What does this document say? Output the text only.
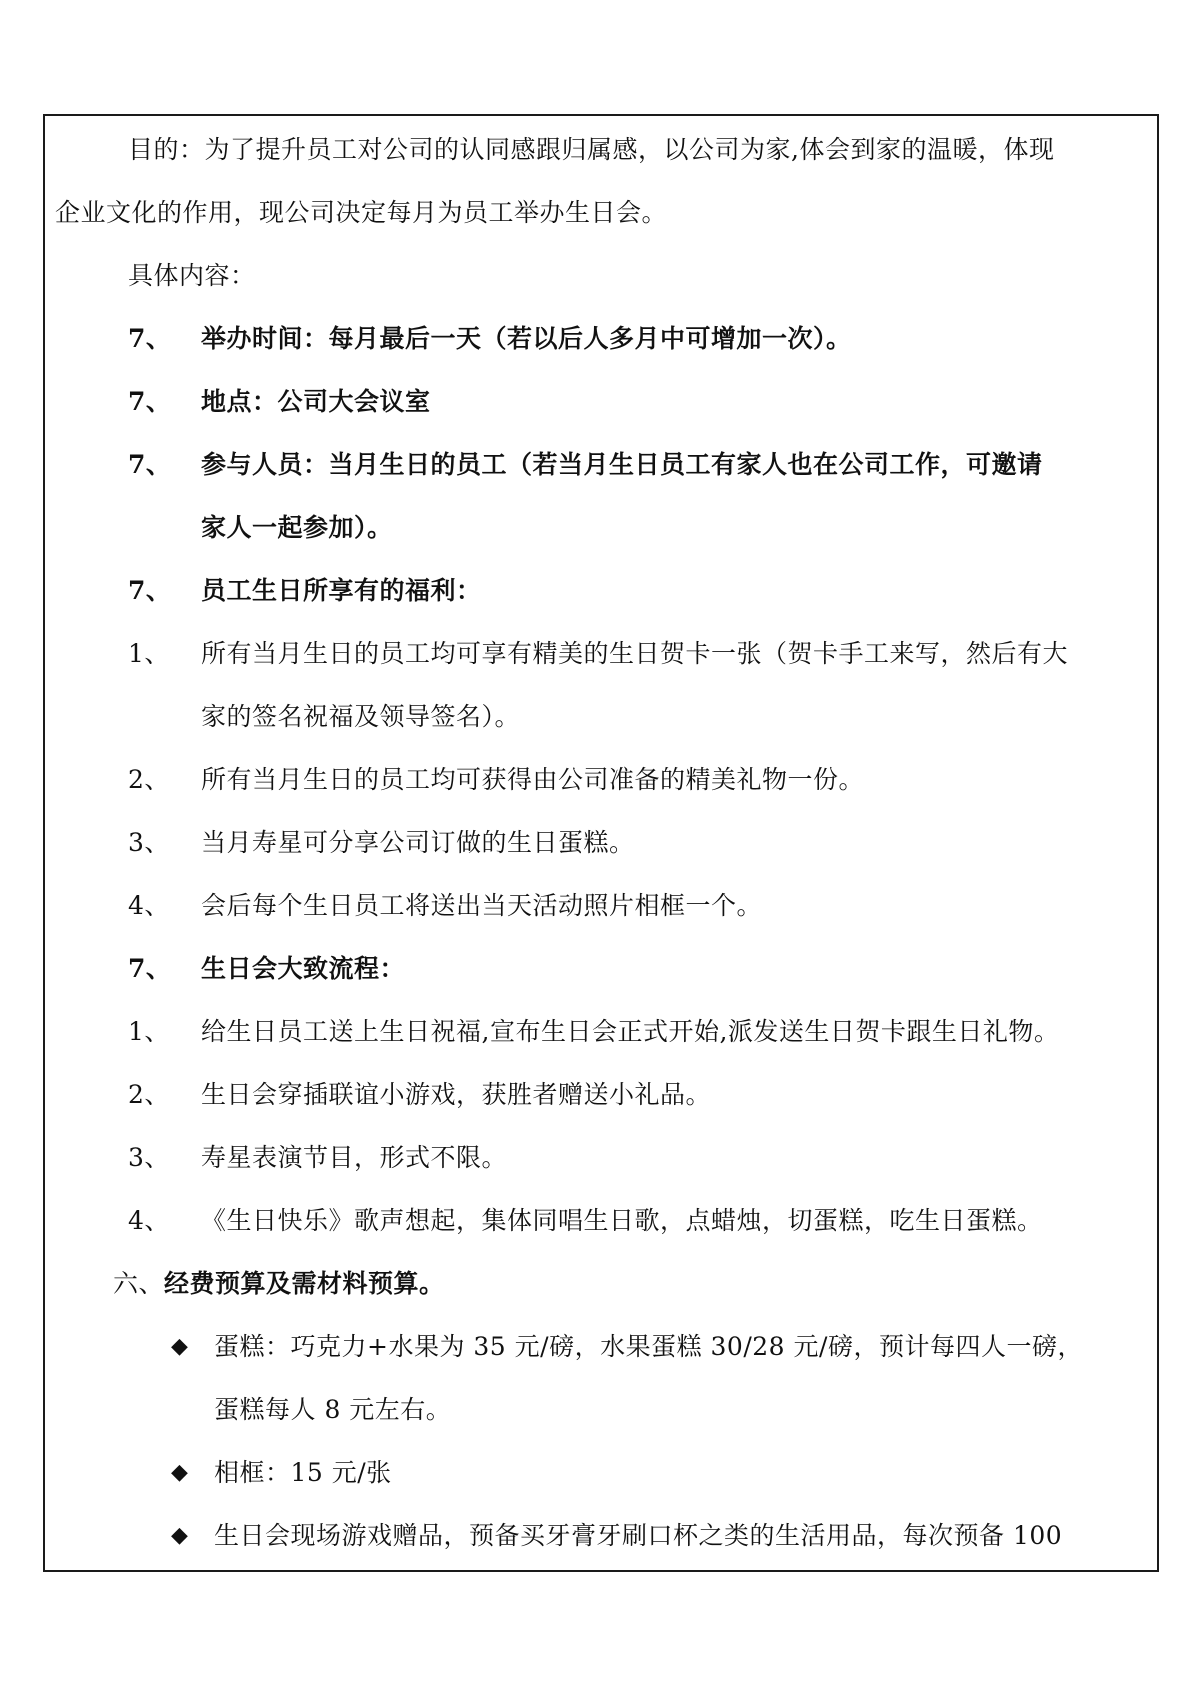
目的：为了提升员工对公司的认同感跟归属感，以公司为家,体会到家的温暖，体现
企业文化的作用，现公司决定每月为员工举办生日会。
具体内容：
7、 举办时间：每月最后一天（若以后人多月中可增加一次）。
7、 地点：公司大会议室
7、 参与人员：当月生日的员工（若当月生日员工有家人也在公司工作，可邀请
家人一起参加）。
7、 员工生日所享有的福利：
1、 所有当月生日的员工均可享有精美的生日贺卡一张（贺卡手工来写，然后有大
家的签名祝福及领导签名）。
2、 所有当月生日的员工均可获得由公司准备的精美礼物一份。
3、 当月寿星可分享公司订做的生日蛋糕。
4、 会后每个生日员工将送出当天活动照片相框一个。
7、 生日会大致流程：
1、 给生日员工送上生日祝福,宣布生日会正式开始,派发送生日贺卡跟生日礼物。
2、 生日会穿插联谊小游戏，获胜者赠送小礼品。
3、 寿星表演节目，形式不限。
4、 《生日快乐》歌声想起，集体同唱生日歌，点蜡烛，切蛋糕，吃生日蛋糕。
六、经费预算及需材料预算。
◆ 蛋糕：巧克力+水果为 35 元/磅，水果蛋糕 30/28 元/磅，预计每四人一磅，
蛋糕每人 8 元左右。
◆ 相框：15 元/张
◆ 生日会现场游戏赠品，预备买牙膏牙刷口杯之类的生活用品，每次预备 100
